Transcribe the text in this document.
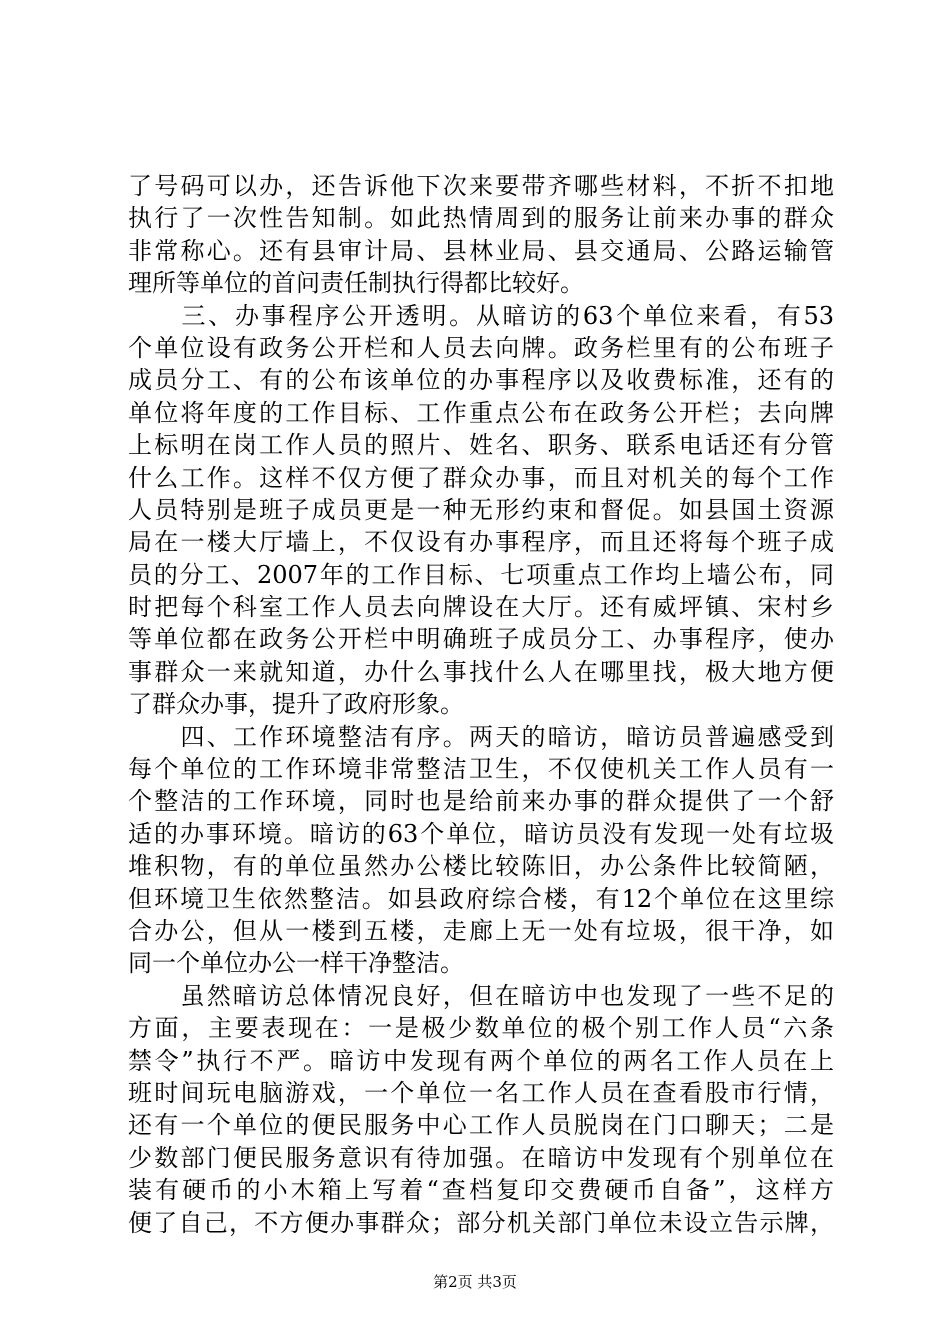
了号码可以办，还告诉他下次来要带齐哪些材料，不折不扣地
执行了一次性告知制。如此热情周到的服务让前来办事的群众
非常称心。还有县审计局、县林业局、县交通局、公路运输管
理所等单位的首问责任制执行得都比较好。
　　三、办事程序公开透明。从暗访的63个单位来看，有53
个单位设有政务公开栏和人员去向牌。政务栏里有的公布班子
成员分工、有的公布该单位的办事程序以及收费标准，还有的
单位将年度的工作目标、工作重点公布在政务公开栏；去向牌
上标明在岗工作人员的照片、姓名、职务、联系电话还有分管
什么工作。这样不仅方便了群众办事，而且对机关的每个工作
人员特别是班子成员更是一种无形约束和督促。如县国土资源
局在一楼大厅墙上，不仅设有办事程序，而且还将每个班子成
员的分工、2007年的工作目标、七项重点工作均上墙公布，同
时把每个科室工作人员去向牌设在大厅。还有威坪镇、宋村乡
等单位都在政务公开栏中明确班子成员分工、办事程序，使办
事群众一来就知道，办什么事找什么人在哪里找，极大地方便
了群众办事，提升了政府形象。
　　四、工作环境整洁有序。两天的暗访，暗访员普遍感受到
每个单位的工作环境非常整洁卫生，不仅使机关工作人员有一
个整洁的工作环境，同时也是给前来办事的群众提供了一个舒
适的办事环境。暗访的63个单位，暗访员没有发现一处有垃圾
堆积物，有的单位虽然办公楼比较陈旧，办公条件比较简陋，
但环境卫生依然整洁。如县政府综合楼，有12个单位在这里综
合办公，但从一楼到五楼，走廊上无一处有垃圾，很干净，如
同一个单位办公一样干净整洁。
　　虽然暗访总体情况良好，但在暗访中也发现了一些不足的
方面，主要表现在：一是极少数单位的极个别工作人员“六条
禁令”执行不严。暗访中发现有两个单位的两名工作人员在上
班时间玩电脑游戏，一个单位一名工作人员在查看股市行情，
还有一个单位的便民服务中心工作人员脱岗在门口聊天；二是
少数部门便民服务意识有待加强。在暗访中发现有个别单位在
装有硬币的小木箱上写着“查档复印交费硬币自备”，这样方
便了自己，不方便办事群众；部分机关部门单位未设立告示牌，
第2页 共3页
